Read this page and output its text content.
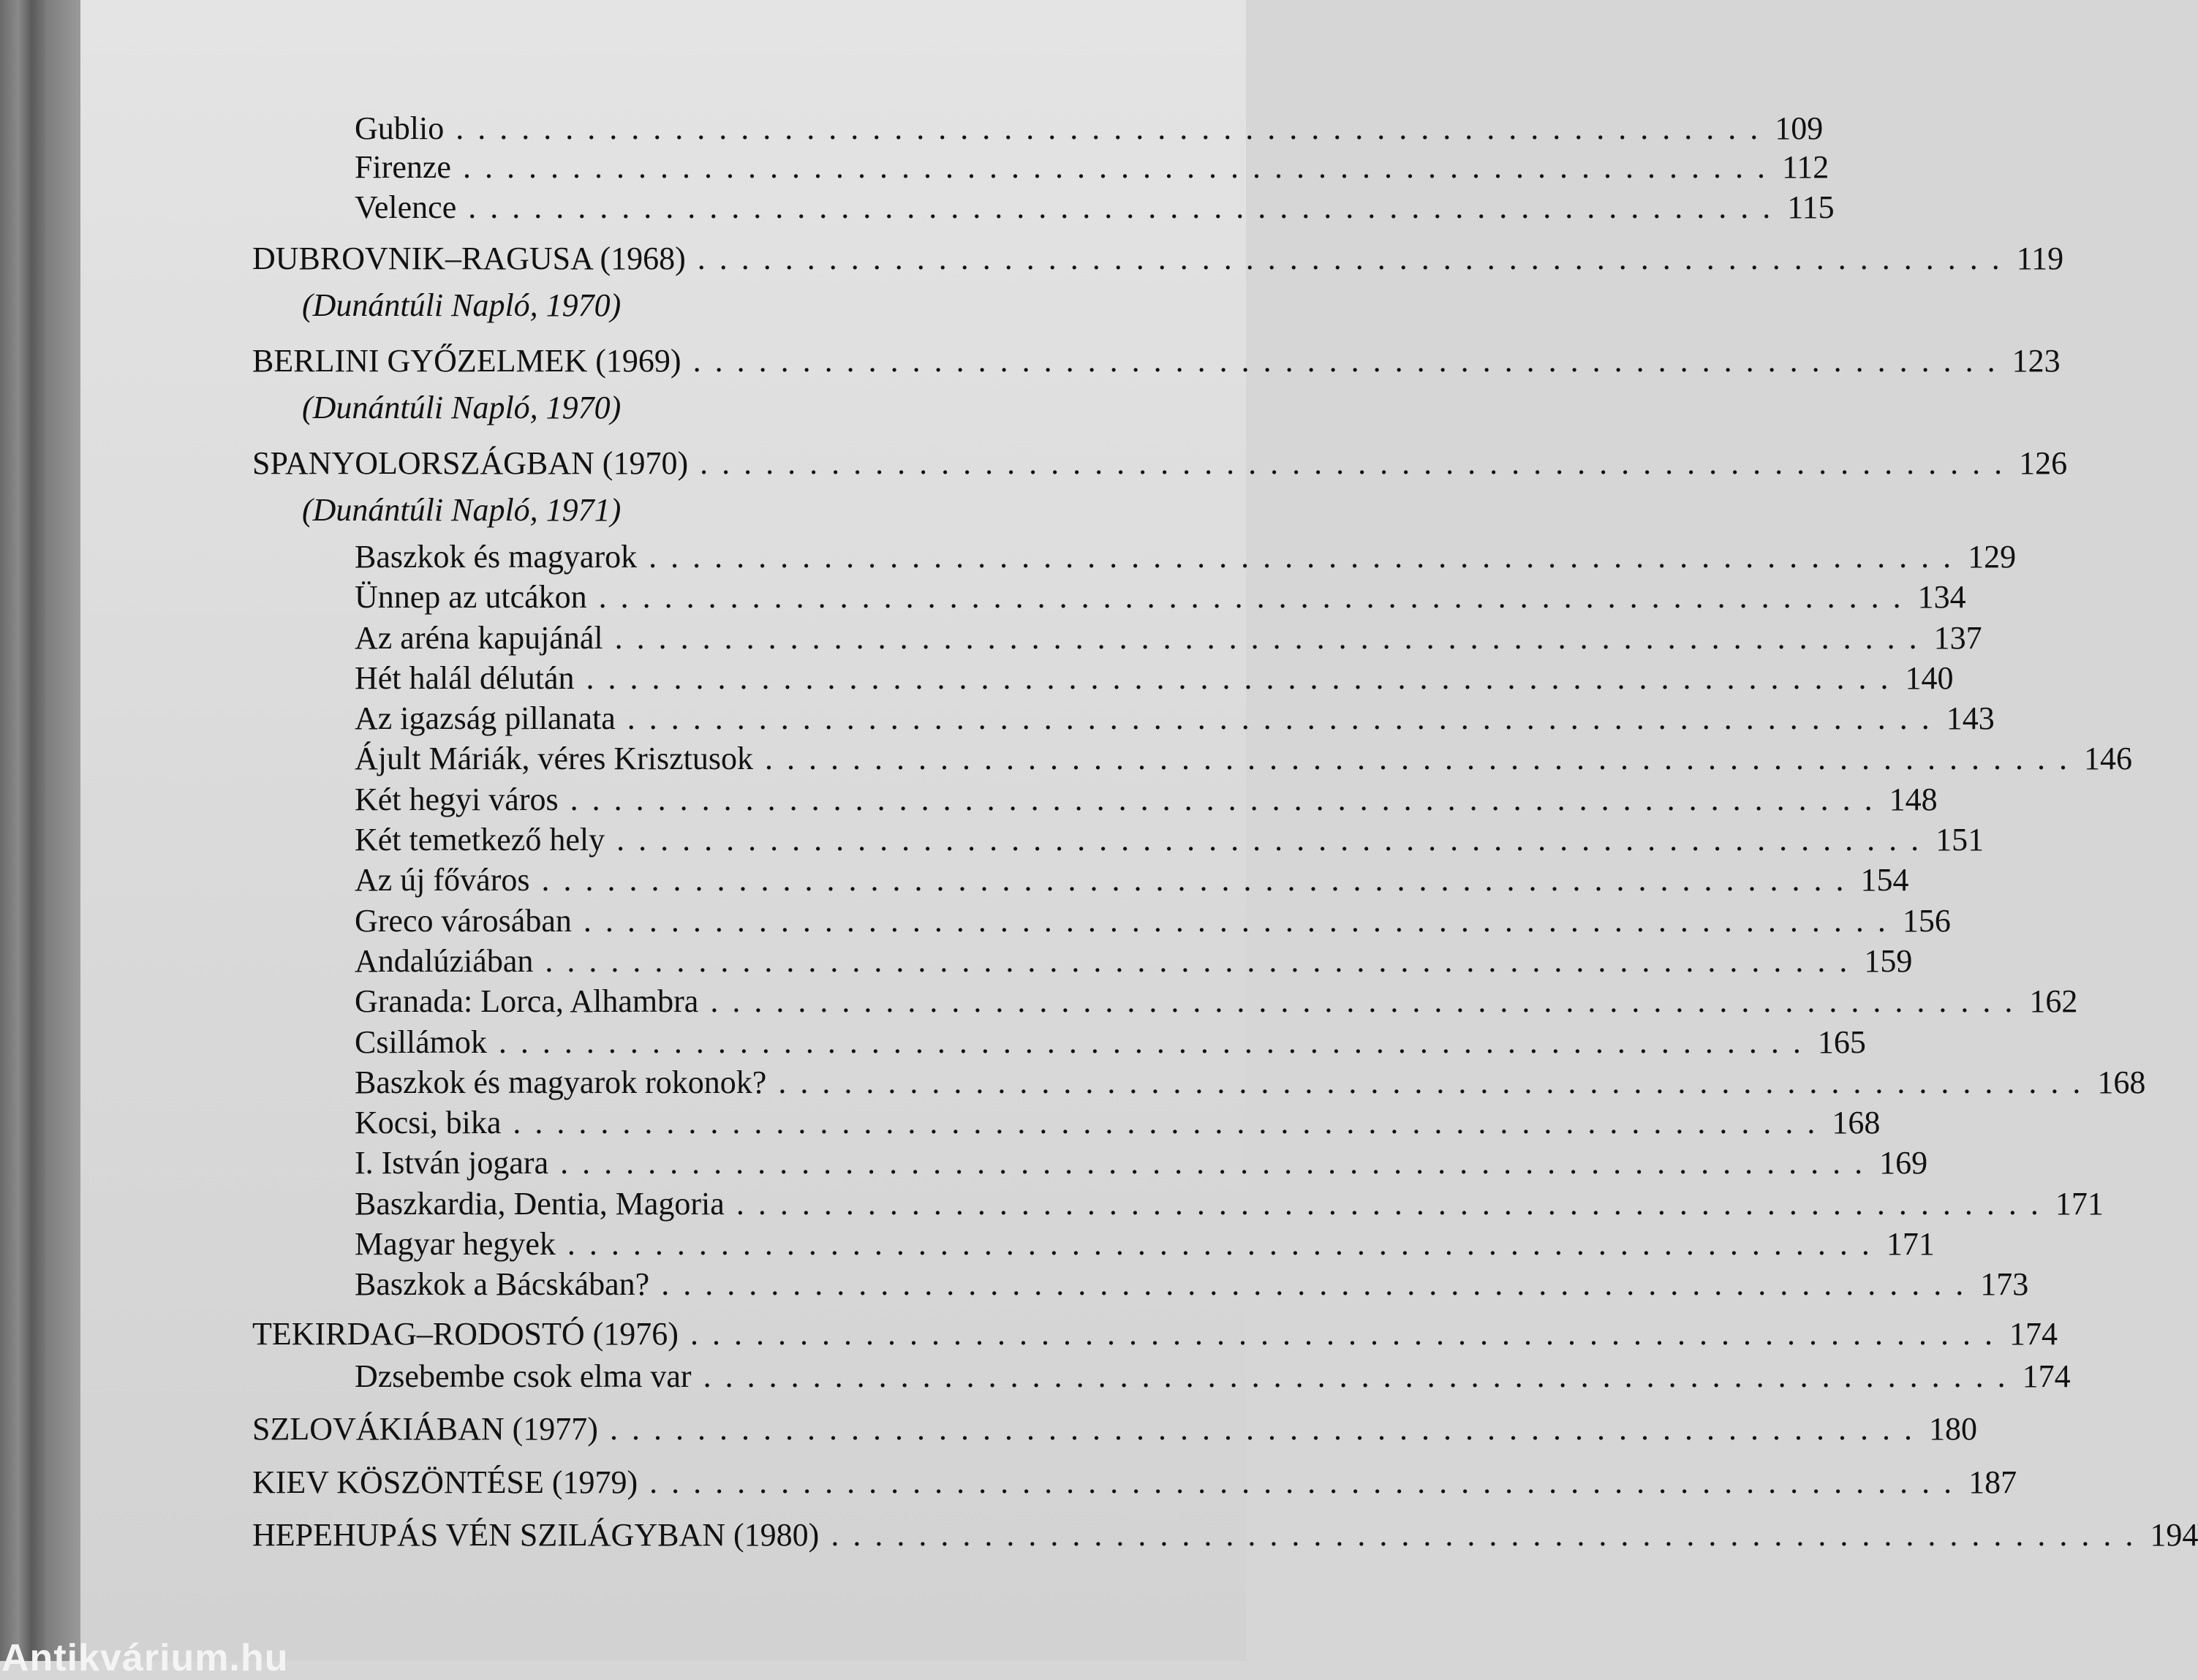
Gublio ............................................................ 109
Firenze ............................................................ 112
Velence ............................................................ 115
DUBROVNIK–RAGUSA (1968) ............................................................ 119
(Dunántúli Napló, 1970)
BERLINI GYŐZELMEK (1969) ............................................................ 123
(Dunántúli Napló, 1970)
SPANYOLORSZÁGBAN (1970) ............................................................ 126
(Dunántúli Napló, 1971)
Baszkok és magyarok ............................................................ 129
Ünnep az utcákon ............................................................ 134
Az aréna kapujánál ............................................................ 137
Hét halál délután ............................................................ 140
Az igazság pillanata ............................................................ 143
Ájult Máriák, véres Krisztusok ............................................................ 146
Két hegyi város ............................................................ 148
Két temetkező hely ............................................................ 151
Az új főváros ............................................................ 154
Greco városában ............................................................ 156
Andalúziában ............................................................ 159
Granada: Lorca, Alhambra ............................................................ 162
Csillámok ............................................................ 165
Baszkok és magyarok rokonok? ............................................................ 168
Kocsi, bika ............................................................ 168
I. István jogara ............................................................ 169
Baszkardia, Dentia, Magoria ............................................................ 171
Magyar hegyek ............................................................ 171
Baszkok a Bácskában? ............................................................ 173
TEKIRDAG–RODOSTÓ (1976) ............................................................ 174
Dzsebembe csok elma var ............................................................ 174
SZLOVÁKIÁBAN (1977) ............................................................ 180
KIEV KÖSZÖNTÉSE (1979) ............................................................ 187
HEPEHUPÁS VÉN SZILÁGYBAN (1980) ............................................................ 194
Antikvárium.hu
